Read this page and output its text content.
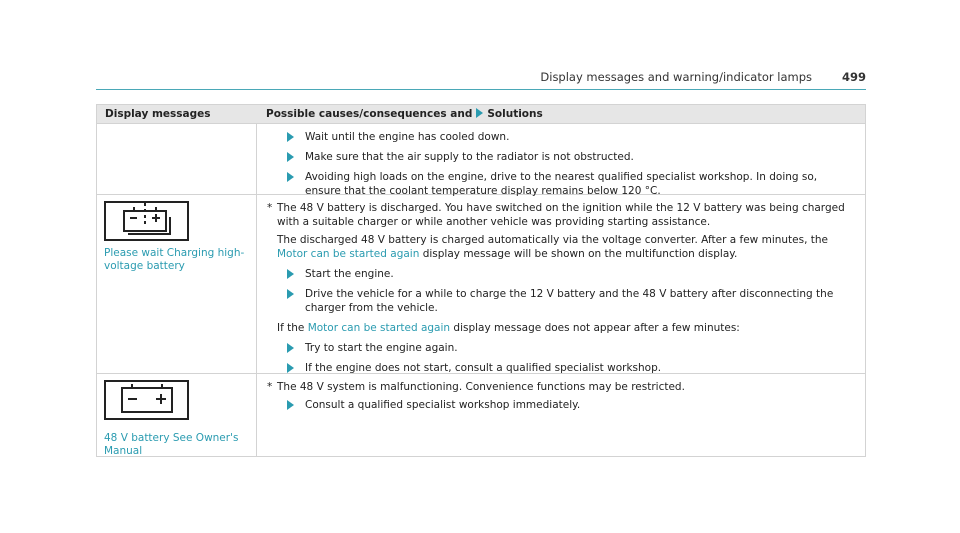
Display messages and warning/indicator lamps	499
Display messages	Possible causes/consequences and Solutions
Wait until the engine has cooled down.
Make sure that the air supply to the radiator is not obstructed.
Avoiding high loads on the engine, drive to the nearest qualified specialist workshop. In doing so, ensure that the coolant temperature display remains below 120 °C.
Please wait Charging high-voltage battery
* The 48 V battery is discharged. You have switched on the ignition while the 12 V battery was being charged with a suitable charger or while another vehicle was providing starting assistance.
The discharged 48 V battery is charged automatically via the voltage converter. After a few minutes, the Motor can be started again display message will be shown on the multifunction display.
Start the engine.
Drive the vehicle for a while to charge the 12 V battery and the 48 V battery after disconnecting the charger from the vehicle.
If the Motor can be started again display message does not appear after a few minutes:
Try to start the engine again.
If the engine does not start, consult a qualified specialist workshop.
48 V battery See Owner's Manual
* The 48 V system is malfunctioning. Convenience functions may be restricted.
Consult a qualified specialist workshop immediately.
